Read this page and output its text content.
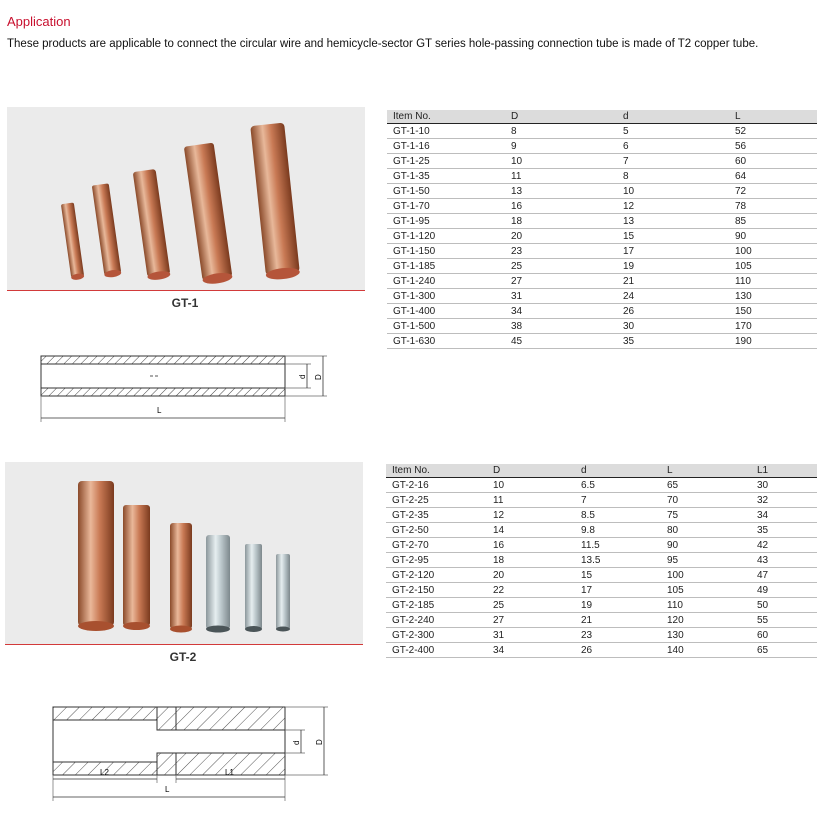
Application
These products are applicable to connect the circular wire and hemicycle-sector GT series hole-passing connection tube is made of T2 copper tube.
GT-1
Item No.	D	d	L
GT-1-10	8	5	52
GT-1-16	9	6	56
GT-1-25	10	7	60
GT-1-35	11	8	64
GT-1-50	13	10	72
GT-1-70	16	12	78
GT-1-95	18	13	85
GT-1-120	20	15	90
GT-1-150	23	17	100
GT-1-185	25	19	105
GT-1-240	27	21	110
GT-1-300	31	24	130
GT-1-400	34	26	150
GT-1-500	38	30	170
GT-1-630	45	35	190
d D
L
GT-2
Item No.	D	d	L	L1
GT-2-16	10	6.5	65	30
GT-2-25	11	7	70	32
GT-2-35	12	8.5	75	34
GT-2-50	14	9.8	80	35
GT-2-70	16	11.5	90	42
GT-2-95	18	13.5	95	43
GT-2-120	20	15	100	47
GT-2-150	22	17	105	49
GT-2-185	25	19	110	50
GT-2-240	27	21	120	55
GT-2-300	31	23	130	60
GT-2-400	34	26	140	65
d D
L2	L1
L
